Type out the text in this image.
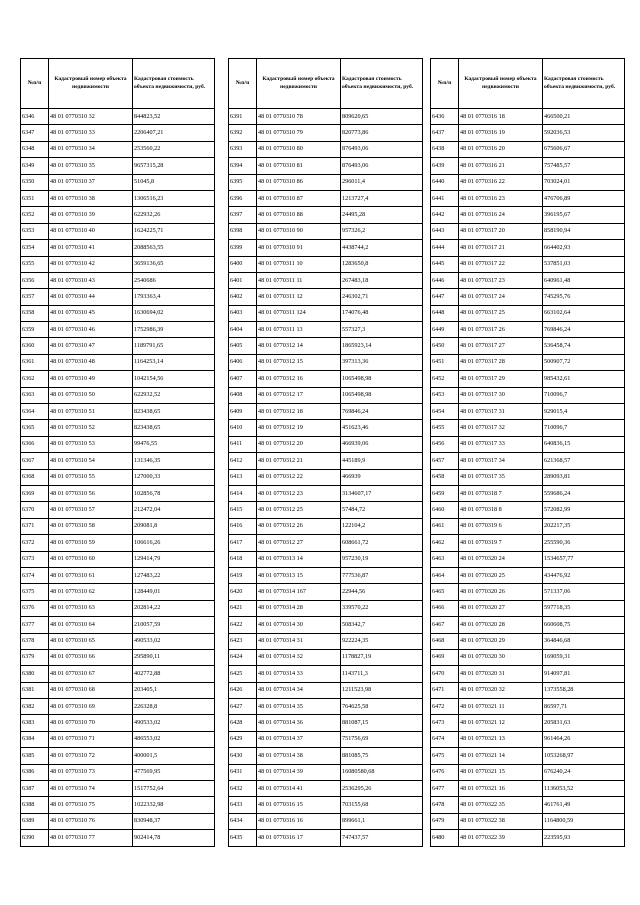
№п/п	Кадастровый номер объекта недвижимости	Кадастровая стоимость объекта недвижимости, руб.
6346	48 01 0770310 32	844823,52
6347	48 01 0770310 33	2206407,21
6348	48 01 0770310 34	253560,22
6349	48 01 0770310 35	9657315,28
6350	48 01 0770310 37	51045,8
6351	48 01 0770310 38	1306516,23
6352	48 01 0770310 39	622932,26
6353	48 01 0770310 40	1624225,71
6354	48 01 0770310 41	2088563,55
6355	48 01 0770310 42	3659136,65
6356	48 01 0770310 43	2540686
6357	48 01 0770310 44	1793363,4
6358	48 01 0770310 45	1630694,02
6359	48 01 0770310 46	1752986,39
6360	48 01 0770310 47	1189791,65
6361	48 01 0770310 48	1164253,14
6362	48 01 0770310 49	1042154,56
6363	48 01 0770310 50	622932,52
6364	48 01 0770310 51	823438,65
6365	48 01 0770310 52	823438,65
6366	48 01 0770310 53	99476,55
6367	48 01 0770310 54	131346,35
6368	48 01 0770310 55	127000,33
6369	48 01 0770310 56	102856,78
6370	48 01 0770310 57	212472,04
6371	48 01 0770310 58	209081,8
6372	48 01 0770310 59	106616,26
6373	48 01 0770310 60	129414,79
6374	48 01 0770310 61	127483,22
6375	48 01 0770310 62	128449,01
6376	48 01 0770310 63	202814,22
6377	48 01 0770310 64	210057,59
6378	48 01 0770310 65	490533,02
6379	48 01 0770310 66	295890,11
6380	48 01 0770310 67	402772,88
6381	48 01 0770310 68	203405,1
6382	48 01 0770310 69	226328,8
6383	48 01 0770310 70	490533,02
6384	48 01 0770310 71	486553,02
6385	48 01 0770310 72	400001,5
6386	48 01 0770310 73	477569,95
6387	48 01 0770310 74	1517752,64
6388	48 01 0770310 75	1022332,98
6389	48 01 0770310 76	830948,37
6390	48 01 0770310 77	902414,78
№п/п	Кадастровый номер объекта недвижимости	Кадастровая стоимость объекта недвижимости, руб.
6391	48 01 0770310 78	809620,65
6392	48 01 0770310 79	820773,86
6393	48 01 0770310 80	876493,06
6394	48 01 0770310 81	876493,06
6395	48 01 0770310 86	296011,4
6396	48 01 0770310 87	1213727,4
6397	48 01 0770310 88	24495,28
6398	48 01 0770310 90	957326,2
6399	48 01 0770310 91	4438744,2
6400	48 01 0770311 10	1283650,8
6401	48 01 0770311 11	267483,18
6402	48 01 0770311 12	246302,71
6403	48 01 0770311 124	174076,48
6404	48 01 0770311 13	557327,3
6405	48 01 0770312 14	1865923,14
6406	48 01 0770312 15	397313,36
6407	48 01 0770312 16	1065498,98
6408	48 01 0770312 17	1065498,98
6409	48 01 0770312 18	769846,24
6410	48 01 0770312 19	451623,46
6411	48 01 0770312 20	466939,06
6412	48 01 0770312 21	445189,9
6413	48 01 0770312 22	466939
6414	48 01 0770312 23	3134607,17
6415	48 01 0770312 25	57484,72
6416	48 01 0770312 26	122104,2
6417	48 01 0770312 27	608661,72
6418	48 01 0770313 14	957230,19
6419	48 01 0770313 15	777536,87
6420	48 01 0770314 167	22944,56
6421	48 01 0770314 28	339570,22
6422	48 01 0770314 30	508342,7
6423	48 01 0770314 31	922224,35
6424	48 01 0770314 32	1178827,19
6425	48 01 0770314 33	1143711,3
6426	48 01 0770314 34	1211523,98
6427	48 01 0770314 35	764625,58
6428	48 01 0770314 36	881087,15
6429	48 01 0770314 37	751756,69
6430	48 01 0770314 38	881085,75
6431	48 01 0770314 39	16080580,68
6432	48 01 0770314 41	2536295,26
6433	48 01 0770316 15	703155,68
6434	48 01 0770316 16	899661,1
6435	48 01 0770316 17	747437,57
№п/п	Кадастровый номер объекта недвижимости	Кадастровая стоимость объекта недвижимости, руб.
6436	48 01 0770316 18	466500,21
6437	48 01 0770316 19	592036,53
6438	48 01 0770316 20	675606,67
6439	48 01 0770316 21	757485,57
6440	48 01 0770316 22	703024,01
6441	48 01 0770316 23	476706,89
6442	48 01 0770316 24	396195,67
6443	48 01 0770317 20	858190,94
6444	48 01 0770317 21	664402,93
6445	48 01 0770317 22	537851,03
6446	48 01 0770317 23	640961,48
6447	48 01 0770317 24	745295,76
6448	48 01 0770317 25	663102,64
6449	48 01 0770317 26	769846,24
6450	48 01 0770317 27	536458,74
6451	48 01 0770317 28	500907,72
6452	48 01 0770317 29	985432,61
6453	48 01 0770317 30	710096,7
6454	48 01 0770317 31	929015,4
6455	48 01 0770317 32	710096,7
6456	48 01 0770317 33	640836,15
6457	48 01 0770317 34	621368,57
6458	48 01 0770317 35	289093,81
6459	48 01 0770318 7	559686,24
6460	48 01 0770318 8	572082,99
6461	48 01 0770319 6	202217,35
6462	48 01 0770319 7	255590,36
6463	48 01 0770320 24	1534657,77
6464	48 01 0770320 25	434476,92
6465	48 01 0770320 26	571337,06
6466	48 01 0770320 27	597718,35
6467	48 01 0770320 28	660608,75
6468	48 01 0770320 29	364846,68
6469	48 01 0770320 30	169059,31
6470	48 01 0770320 31	914097,81
6471	48 01 0770320 32	1373558,28
6472	48 01 0770321 11	86597,71
6473	48 01 0770321 12	205831,63
6474	48 01 0770321 13	961464,26
6475	48 01 0770321 14	1053268,97
6476	48 01 0770321 15	676240,24
6477	48 01 0770321 16	1136053,52
6478	48 01 0770322 35	461761,49
6479	48 01 0770322 38	1164800,59
6480	48 01 0770322 39	223595,93
